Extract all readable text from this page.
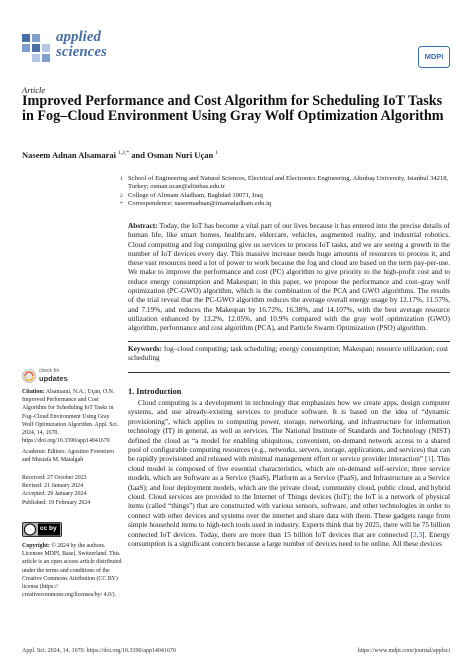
applied
sciences	MDPI
Article
Improved Performance and Cost Algorithm for Scheduling IoT Tasks in Fog–Cloud Environment Using Gray Wolf Optimization Algorithm
Naseem Adnan Alsamarai $^{1,2,*}$ and Osman Nuri Uçan $^1$
1 School of Engineering and Natural Sciences, Electrical and Electronics Engineering, Altınbaş University, Istanbul 34218, Turkey; osman.ucan@altinbas.edu.tr
2 College of Alimam Aladham, Baghdad 10071, Iraq
* Correspondence: naseemadnan@imamaladham.edu.iq
Abstract: Today, the IoT has become a vital part of our lives because it has entered into the precise details of human life, like smart homes, healthcare, eldercare, vehicles, augmented reality, and industrial robotics. Cloud computing and fog computing give us services to process IoT tasks, and we are seeing a growth in the number of IoT devices every day. This massive increase needs huge amounts of resources to process it, and these vast resources need a lot of power to work because the fog and cloud are based on the term pay-per-use. We make to improve the performance and cost (PC) algorithm to give priority to the high-profit cost and to reduce energy consumption and Makespan; in this paper, we propose the performance and cost–gray wolf optimization (PC-GWO) algorithm, which is the combination of the PCA and GWO algorithms. The results of the trial reveal that the PC-GWO algorithm reduces the average overall energy usage by 12.17%, 11.57%, and 7.19%, and reduces the Makespan by 16.72%, 16.38%, and 14.107%, with the best average resource utilization enhanced by 13.2%, 12.05%, and 10.9% compared with the gray wolf optimization (GWO) algorithm, performance and cost algorithm (PCA), and Particle Swarm Optimization (PSO) algorithm.
Keywords: fog–cloud computing; task scheduling; energy consumption; Makespan; resource utilization; cost scheduling
check for
updates
Citation: Alsamarai, N.A.; Uçan, O.N. Improved Performance and Cost Algorithm for Scheduling IoT Tasks in Fog–Cloud Environment Using Gray Wolf Optimization Algorithm. Appl. Sci. 2024, 14, 1670. https://doi.org/10.3390/app14041670
Academic Editors: Agostino Forestiero and Mustafa M. Matalgah
Received: 27 October 2023
Revised: 21 January 2024
Accepted: 29 January 2024
Published: 19 February 2024
cc by
Copyright: © 2024 by the authors. Licensee MDPI, Basel, Switzerland. This article is an open access article distributed under the terms and conditions of the Creative Commons Attribution (CC BY) license (https:// creativecommons.org/licenses/by/ 4.0/).
1. Introduction

Cloud computing is a development in technology that emphasizes how we create apps, design computer systems, and use already-existing services to produce software. It is based on the idea of “dynamic provisioning”, which applies to computing power, storage, networking, and infrastructure for information technology (IT) in general, as well as services. The National Institute of Standards and Technology (NIST) defined the cloud as “a model for enabling ubiquitous, convenient, on-demand network access to a shared pool of configurable computing resources (e.g., networks, servers, storage, applications, and services) that can be rapidly provisioned and released with minimal management effort or service provider interaction” [1]. This cloud model is composed of five essential characteristics, which are on-demand self-service; three service models, which are Software as a Service (SaaS), Platform as a Service (PaaS), and Infrastructure as a Service (IaaS); and four deployment models, which are the private cloud, community cloud, public cloud, and hybrid cloud. Cloud services are provided to the Internet of Things devices (IoT); the IoT is a network of physical items (called “things”) that are constructed with various sensors, software, and other technologies in order to connect with other devices and systems over the internet and share data with them. These gadgets range from simple household items to high-tech tools used in industry. Experts think that by 2025, there will be 75 billion connected IoT devices. Today, there are more than 15 billion IoT devices that are connected [2,3]. Energy consumption is a significant concern because a large number of devices need to be online. All these devices

Appl. Sci. 2024, 14, 1670. https://doi.org/10.3390/app14041670	https://www.mdpi.com/journal/applsci
